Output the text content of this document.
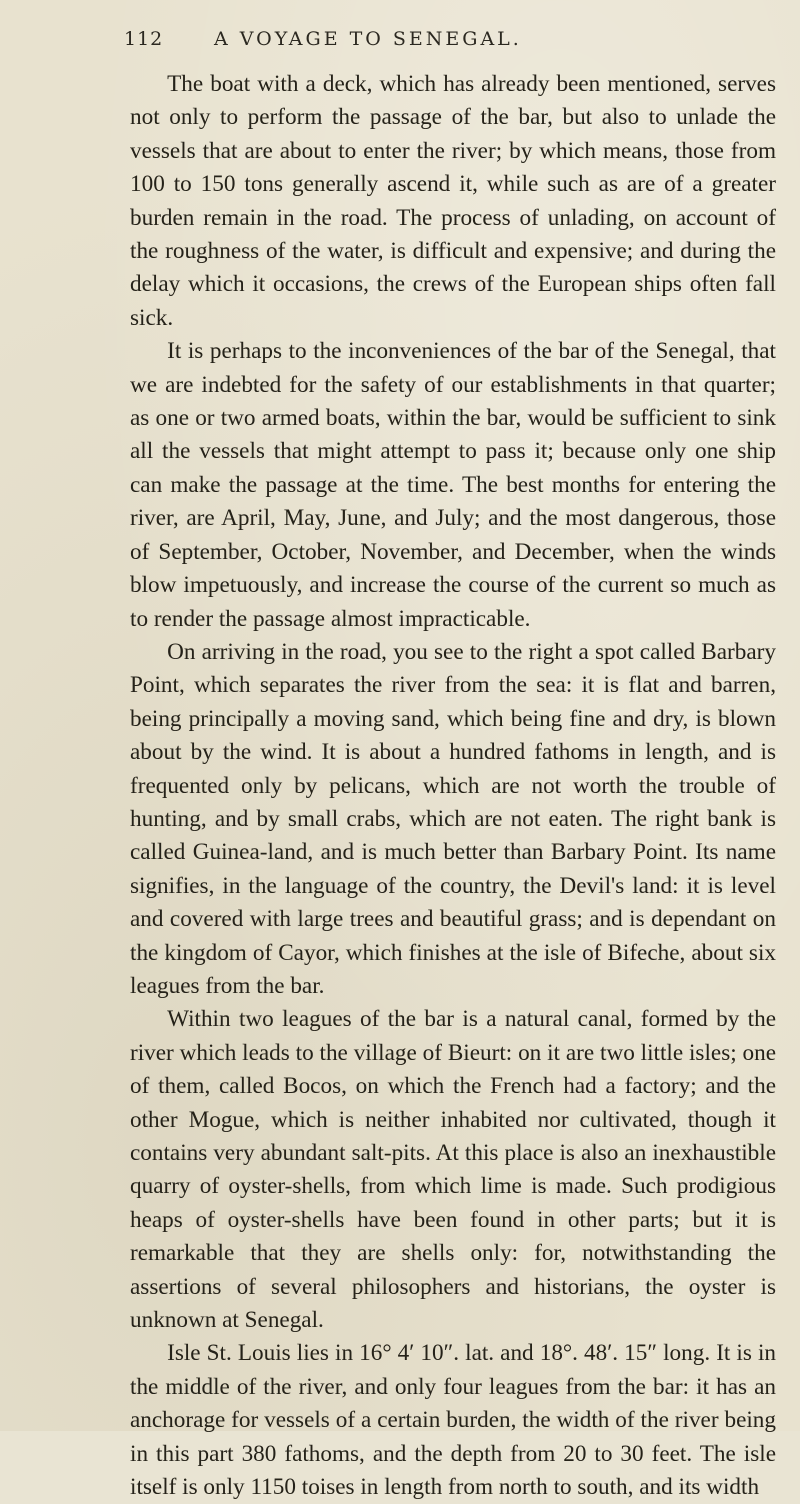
112	A VOYAGE TO SENEGAL.

The boat with a deck, which has already been mentioned, serves not only to perform the passage of the bar, but also to unlade the vessels that are about to enter the river; by which means, those from 100 to 150 tons generally ascend it, while such as are of a greater burden remain in the road. The process of unlading, on account of the roughness of the water, is difficult and expensive; and during the delay which it occasions, the crews of the European ships often fall sick.

It is perhaps to the inconveniences of the bar of the Senegal, that we are indebted for the safety of our establishments in that quarter; as one or two armed boats, within the bar, would be sufficient to sink all the vessels that might attempt to pass it; because only one ship can make the passage at the time. The best months for entering the river, are April, May, June, and July; and the most dangerous, those of September, October, November, and December, when the winds blow impetuously, and increase the course of the current so much as to render the passage almost impracticable.

On arriving in the road, you see to the right a spot called Barbary Point, which separates the river from the sea: it is flat and barren, being principally a moving sand, which being fine and dry, is blown about by the wind. It is about a hundred fathoms in length, and is frequented only by pelicans, which are not worth the trouble of hunting, and by small crabs, which are not eaten. The right bank is called Guinea-land, and is much better than Barbary Point. Its name signifies, in the language of the country, the Devil's land: it is level and covered with large trees and beautiful grass; and is dependant on the kingdom of Cayor, which finishes at the isle of Bifeche, about six leagues from the bar.

Within two leagues of the bar is a natural canal, formed by the river which leads to the village of Bieurt: on it are two little isles; one of them, called Bocos, on which the French had a factory; and the other Mogue, which is neither inhabited nor cultivated, though it contains very abundant salt-pits. At this place is also an inexhaustible quarry of oyster-shells, from which lime is made. Such prodigious heaps of oyster-shells have been found in other parts; but it is remarkable that they are shells only: for, notwithstanding the assertions of several philosophers and historians, the oyster is unknown at Senegal.

Isle St. Louis lies in 16° 4′ 10″. lat. and 18°. 48′. 15″ long. It is in the middle of the river, and only four leagues from the bar: it has an anchorage for vessels of a certain burden, the width of the river being in this part 380 fathoms, and the depth from 20 to 30 feet. The isle itself is only 1150 toises in length from north to south, and its width
